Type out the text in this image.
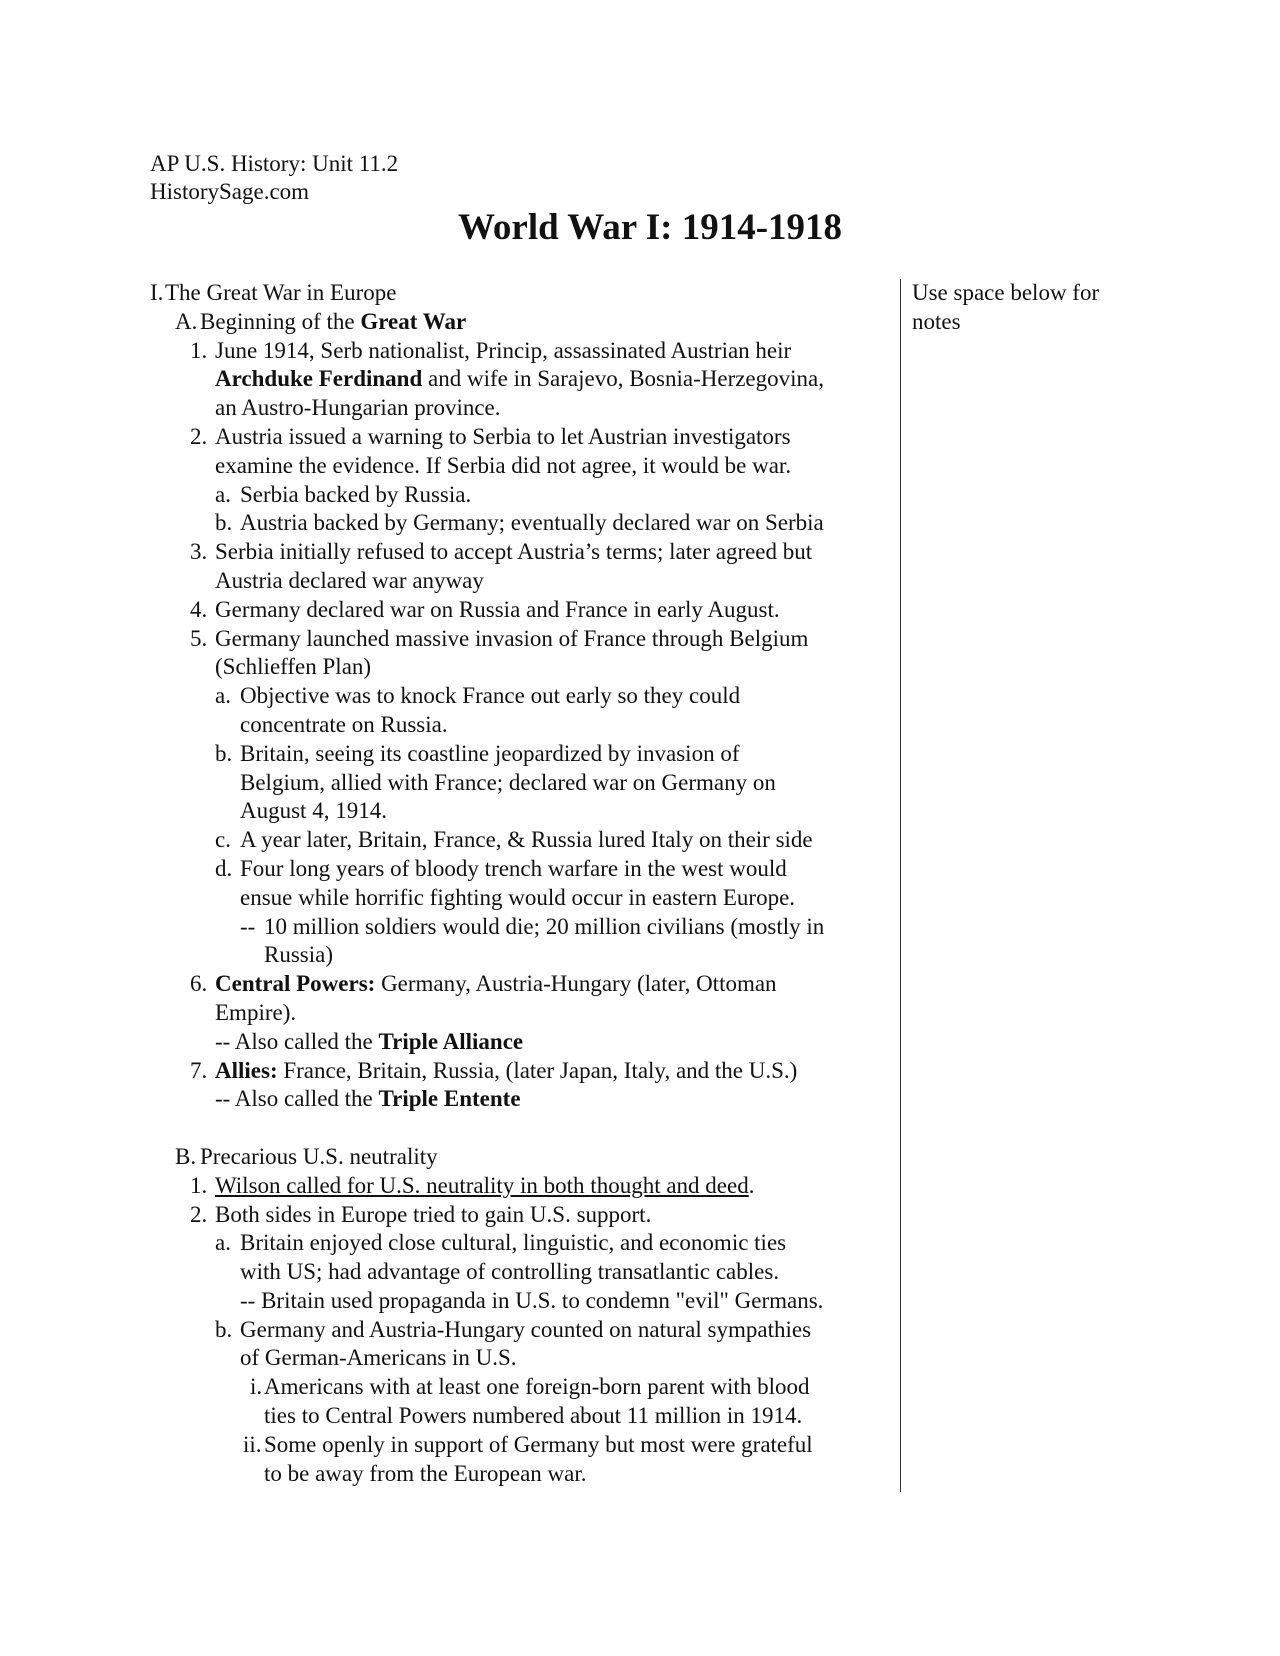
AP U.S. History: Unit 11.2
HistorySage.com
World War I: 1914-1918
I. The Great War in Europe
A. Beginning of the Great War
1. June 1914, Serb nationalist, Princip, assassinated Austrian heir
Archduke Ferdinand and wife in Sarajevo, Bosnia-Herzegovina,
an Austro-Hungarian province.
2. Austria issued a warning to Serbia to let Austrian investigators
examine the evidence. If Serbia did not agree, it would be war.
a. Serbia backed by Russia.
b. Austria backed by Germany; eventually declared war on Serbia
3. Serbia initially refused to accept Austria’s terms; later agreed but
Austria declared war anyway
4. Germany declared war on Russia and France in early August.
5. Germany launched massive invasion of France through Belgium
(Schlieffen Plan)
a. Objective was to knock France out early so they could
concentrate on Russia.
b. Britain, seeing its coastline jeopardized by invasion of
Belgium, allied with France; declared war on Germany on
August 4, 1914.
c. A year later, Britain, France, & Russia lured Italy on their side
d. Four long years of bloody trench warfare in the west would
ensue while horrific fighting would occur in eastern Europe.
-- 10 million soldiers would die; 20 million civilians (mostly in
Russia)
6. Central Powers: Germany, Austria-Hungary (later, Ottoman
Empire).
-- Also called the Triple Alliance
7. Allies: France, Britain, Russia, (later Japan, Italy, and the U.S.)
-- Also called the Triple Entente
B. Precarious U.S. neutrality
1. Wilson called for U.S. neutrality in both thought and deed.
2. Both sides in Europe tried to gain U.S. support.
a. Britain enjoyed close cultural, linguistic, and economic ties
with US; had advantage of controlling transatlantic cables.
-- Britain used propaganda in U.S. to condemn "evil" Germans.
b. Germany and Austria-Hungary counted on natural sympathies
of German-Americans in U.S.
i. Americans with at least one foreign-born parent with blood
ties to Central Powers numbered about 11 million in 1914.
ii. Some openly in support of Germany but most were grateful
to be away from the European war.
Use space below for notes
